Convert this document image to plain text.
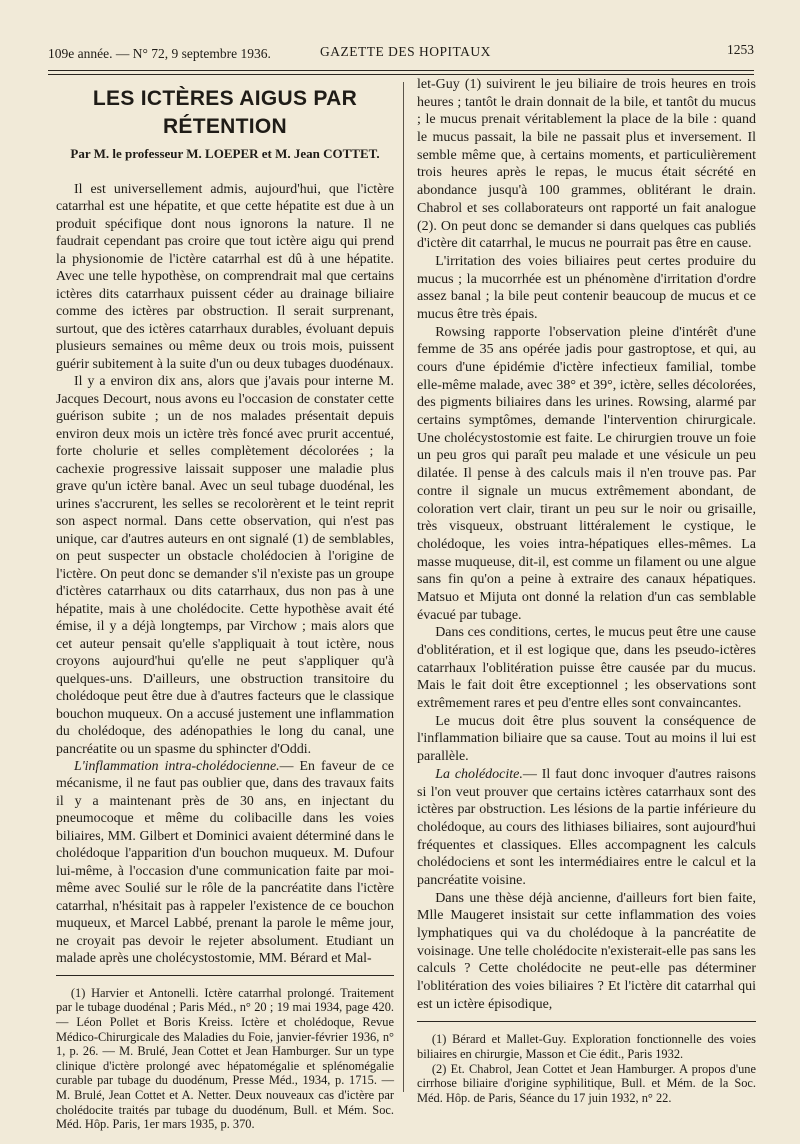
109e année. — N° 72, 9 septembre 1936.	GAZETTE DES HOPITAUX	1253
LES ICTÈRES AIGUS PAR RÉTENTION
Par M. le professeur M. LOEPER et M. Jean COTTET.

Il est universellement admis, aujourd'hui, que l'ictère catarrhal est une hépatite, et que cette hépatite est due à un produit spécifique dont nous ignorons la nature. Il ne faudrait cependant pas croire que tout ictère aigu qui prend la physionomie de l'ictère catarrhal est dû à une hépatite. Avec une telle hypothèse, on comprendrait mal que certains ictères dits catarrhaux puissent céder au drainage biliaire comme des ictères par obstruction. Il serait surprenant, surtout, que des ictères catarrhaux durables, évoluant depuis plusieurs semaines ou même deux ou trois mois, puissent guérir subitement à la suite d'un ou deux tubages duodénaux.

Il y a environ dix ans, alors que j'avais pour interne M. Jacques Decourt, nous avons eu l'occasion de constater cette guérison subite ; un de nos malades présentait depuis environ deux mois un ictère très foncé avec prurit accentué, forte cholurie et selles complètement décolorées ; la cachexie progressive laissait supposer une maladie plus grave qu'un ictère banal. Avec un seul tubage duodénal, les urines s'accrurent, les selles se recolorèrent et le teint reprit son aspect normal. Dans cette observation, qui n'est pas unique, car d'autres auteurs en ont signalé (1) de semblables, on peut suspecter un obstacle cholédocien à l'origine de l'ictère. On peut donc se demander s'il n'existe pas un groupe d'ictères catarrhaux ou dits catarrhaux, dus non pas à une hépatite, mais à une cholédocite. Cette hypothèse avait été émise, il y a déjà longtemps, par Virchow ; mais alors que cet auteur pensait qu'elle s'appliquait à tout ictère, nous croyons aujourd'hui qu'elle ne peut s'appliquer qu'à quelques-uns. D'ailleurs, une obstruction transitoire du cholédoque peut être due à d'autres facteurs que le classique bouchon muqueux. On a accusé justement une inflammation du cholédoque, des adénopathies le long du canal, une pancréatite ou un spasme du sphincter d'Oddi.

L'inflammation intra-cholédocienne.— En faveur de ce mécanisme, il ne faut pas oublier que, dans des travaux faits il y a maintenant près de 30 ans, en injectant du pneumocoque et même du colibacille dans les voies biliaires, MM. Gilbert et Dominici avaient déterminé dans le cholédoque l'apparition d'un bouchon muqueux. M. Dufour lui-même, à l'occasion d'une communication faite par moi-même avec Soulié sur le rôle de la pancréatite dans l'ictère catarrhal, n'hésitait pas à rappeler l'existence de ce bouchon muqueux, et Marcel Labbé, prenant la parole le même jour, ne croyait pas devoir le rejeter absolument. Etudiant un malade après une cholécystostomie, MM. Bérard et Mal-

(1) Harvier et Antonelli. Ictère catarrhal prolongé. Traitement par le tubage duodénal ; Paris Méd., n° 20 ; 19 mai 1934, page 420. — Léon Pollet et Boris Kreiss. Ictère et cholédoque, Revue Médico-Chirurgicale des Maladies du Foie, janvier-février 1936, n° 1, p. 26. — M. Brulé, Jean Cottet et Jean Hamburger. Sur un type clinique d'ictère prolongé avec hépatomégalie et splénomégalie curable par tubage du duodénum, Presse Méd., 1934, p. 1715. — M. Brulé, Jean Cottet et A. Netter. Deux nouveaux cas d'ictère par cholédocite traités par tubage du duodénum, Bull. et Mém. Soc. Méd. Hôp. Paris, 1er mars 1935, p. 370.

let-Guy (1) suivirent le jeu biliaire de trois heures en trois heures ; tantôt le drain donnait de la bile, et tantôt du mucus ; le mucus prenait véritablement la place de la bile : quand le mucus passait, la bile ne passait plus et inversement. Il semble même que, à certains moments, et particulièrement trois heures après le repas, le mucus était sécrété en abondance jusqu'à 100 grammes, oblitérant le drain. Chabrol et ses collaborateurs ont rapporté un fait analogue (2). On peut donc se demander si dans quelques cas publiés d'ictère dit catarrhal, le mucus ne pourrait pas être en cause.

L'irritation des voies biliaires peut certes produire du mucus ; la mucorrhée est un phénomène d'irritation d'ordre assez banal ; la bile peut contenir beaucoup de mucus et ce mucus être très épais.

Rowsing rapporte l'observation pleine d'intérêt d'une femme de 35 ans opérée jadis pour gastroptose, et qui, au cours d'une épidémie d'ictère infectieux familial, tombe elle-même malade, avec 38° et 39°, ictère, selles décolorées, des pigments biliaires dans les urines. Rowsing, alarmé par certains symptômes, demande l'intervention chirurgicale. Une cholécystostomie est faite. Le chirurgien trouve un foie un peu gros qui paraît peu malade et une vésicule un peu dilatée. Il pense à des calculs mais il n'en trouve pas. Par contre il signale un mucus extrêmement abondant, de coloration vert clair, tirant un peu sur le noir ou grisaille, très visqueux, obstruant littéralement le cystique, le cholédoque, les voies intra-hépatiques elles-mêmes. La masse muqueuse, dit-il, est comme un filament ou une algue sans fin qu'on a peine à extraire des canaux hépatiques. Matsuo et Mijuta ont donné la relation d'un cas semblable évacué par tubage.

Dans ces conditions, certes, le mucus peut être une cause d'oblitération, et il est logique que, dans les pseudo-ictères catarrhaux l'oblitération puisse être causée par du mucus. Mais le fait doit être exceptionnel ; les observations sont extrêmement rares et peu d'entre elles sont convaincantes.

Le mucus doit être plus souvent la conséquence de l'inflammation biliaire que sa cause. Tout au moins il lui est parallèle.

La cholédocite.— Il faut donc invoquer d'autres raisons si l'on veut prouver que certains ictères catarrhaux sont des ictères par obstruction. Les lésions de la partie inférieure du cholédoque, au cours des lithiases biliaires, sont aujourd'hui fréquentes et classiques. Elles accompagnent les calculs cholédociens et sont les intermédiaires entre le calcul et la pancréatite voisine.

Dans une thèse déjà ancienne, d'ailleurs fort bien faite, Mlle Maugeret insistait sur cette inflammation des voies lymphatiques qui va du cholédoque à la pancréatite de voisinage. Une telle cholédocite n'existerait-elle pas sans les calculs ? Cette cholédocite ne peut-elle pas déterminer l'oblitération des voies biliaires ? Et l'ictère dit catarrhal qui est un ictère épisodique,

(1) Bérard et Mallet-Guy. Exploration fonctionnelle des voies biliaires en chirurgie, Masson et Cie édit., Paris 1932.

(2) Et. Chabrol, Jean Cottet et Jean Hamburger. A propos d'une cirrhose biliaire d'origine syphilitique, Bull. et Mém. de la Soc. Méd. Hôp. de Paris, Séance du 17 juin 1932, n° 22.
